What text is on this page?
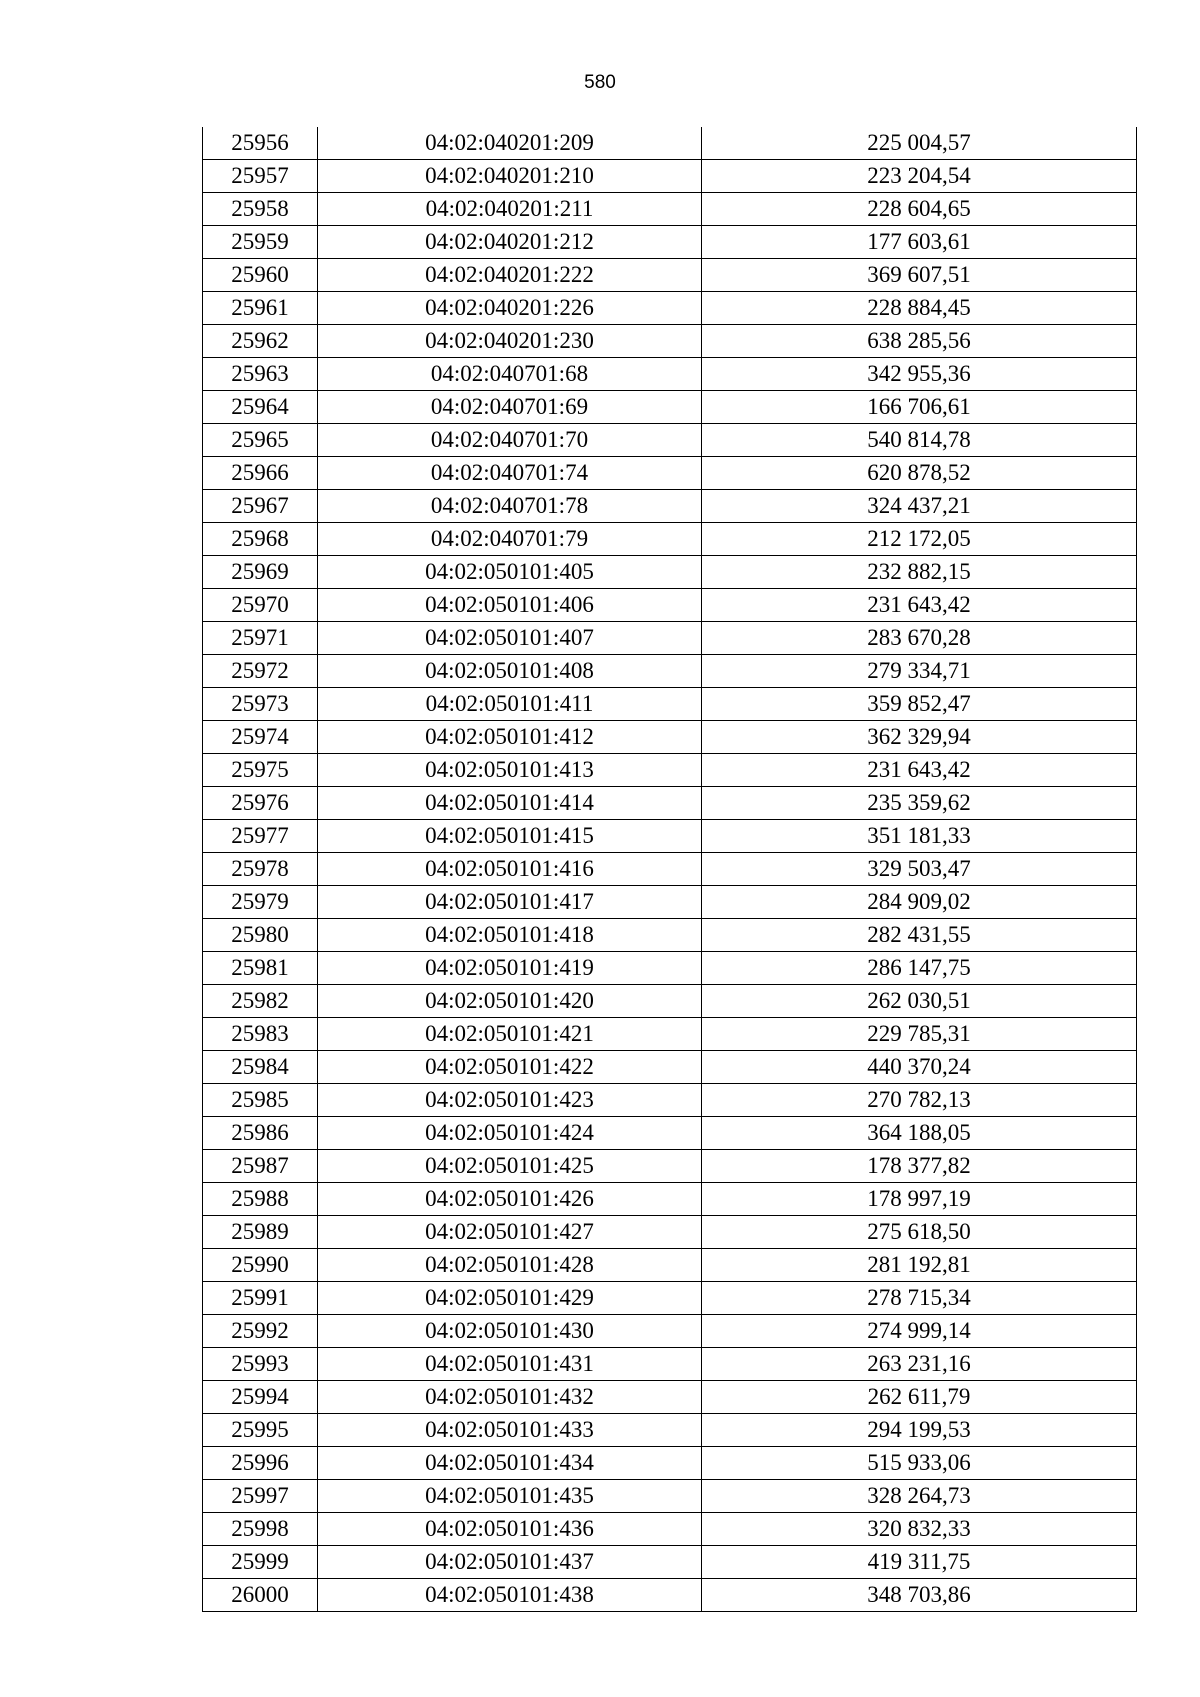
580
25956	04:02:040201:209	225 004,57
25957	04:02:040201:210	223 204,54
25958	04:02:040201:211	228 604,65
25959	04:02:040201:212	177 603,61
25960	04:02:040201:222	369 607,51
25961	04:02:040201:226	228 884,45
25962	04:02:040201:230	638 285,56
25963	04:02:040701:68	342 955,36
25964	04:02:040701:69	166 706,61
25965	04:02:040701:70	540 814,78
25966	04:02:040701:74	620 878,52
25967	04:02:040701:78	324 437,21
25968	04:02:040701:79	212 172,05
25969	04:02:050101:405	232 882,15
25970	04:02:050101:406	231 643,42
25971	04:02:050101:407	283 670,28
25972	04:02:050101:408	279 334,71
25973	04:02:050101:411	359 852,47
25974	04:02:050101:412	362 329,94
25975	04:02:050101:413	231 643,42
25976	04:02:050101:414	235 359,62
25977	04:02:050101:415	351 181,33
25978	04:02:050101:416	329 503,47
25979	04:02:050101:417	284 909,02
25980	04:02:050101:418	282 431,55
25981	04:02:050101:419	286 147,75
25982	04:02:050101:420	262 030,51
25983	04:02:050101:421	229 785,31
25984	04:02:050101:422	440 370,24
25985	04:02:050101:423	270 782,13
25986	04:02:050101:424	364 188,05
25987	04:02:050101:425	178 377,82
25988	04:02:050101:426	178 997,19
25989	04:02:050101:427	275 618,50
25990	04:02:050101:428	281 192,81
25991	04:02:050101:429	278 715,34
25992	04:02:050101:430	274 999,14
25993	04:02:050101:431	263 231,16
25994	04:02:050101:432	262 611,79
25995	04:02:050101:433	294 199,53
25996	04:02:050101:434	515 933,06
25997	04:02:050101:435	328 264,73
25998	04:02:050101:436	320 832,33
25999	04:02:050101:437	419 311,75
26000	04:02:050101:438	348 703,86
